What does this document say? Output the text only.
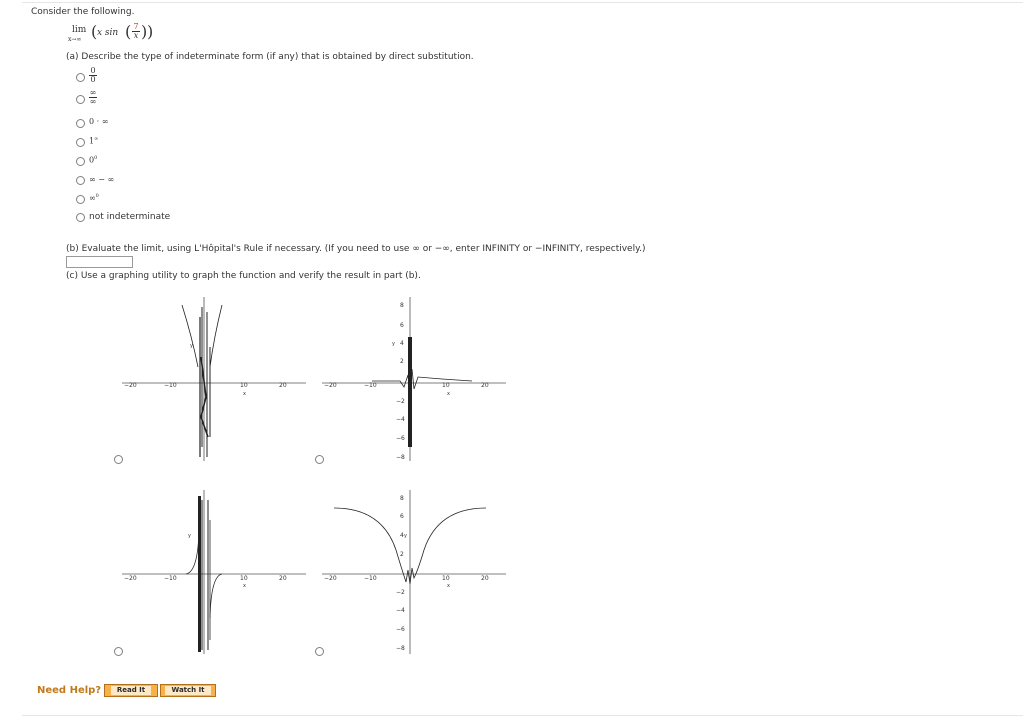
Consider the following.
lim
x→∞ ( x sin ( 7
x ) )
(a) Describe the type of indeterminate form (if any) that is obtained by direct substitution.
0
0
∞
∞
0 · ∞
1∞
$0^0$
∞ − ∞
∞$^0$
not indeterminate
(b) Evaluate the limit, using L'Hôpital's Rule if necessary. (If you need to use ∞ or −∞, enter INFINITY or −INFINITY, respectively.)
(c) Use a graphing utility to graph the function and verify the result in part (b).
−20	−10	10	20
x
y
−20	−10	10	20
8
6
4
2
−2
−4
−6
−8
x
y
−20	−10	10	20
x
y
−20	−10	10	20
8
6
4
2
−2
−4
−6
−8
x
y
Need Help?	Read It	Watch It
